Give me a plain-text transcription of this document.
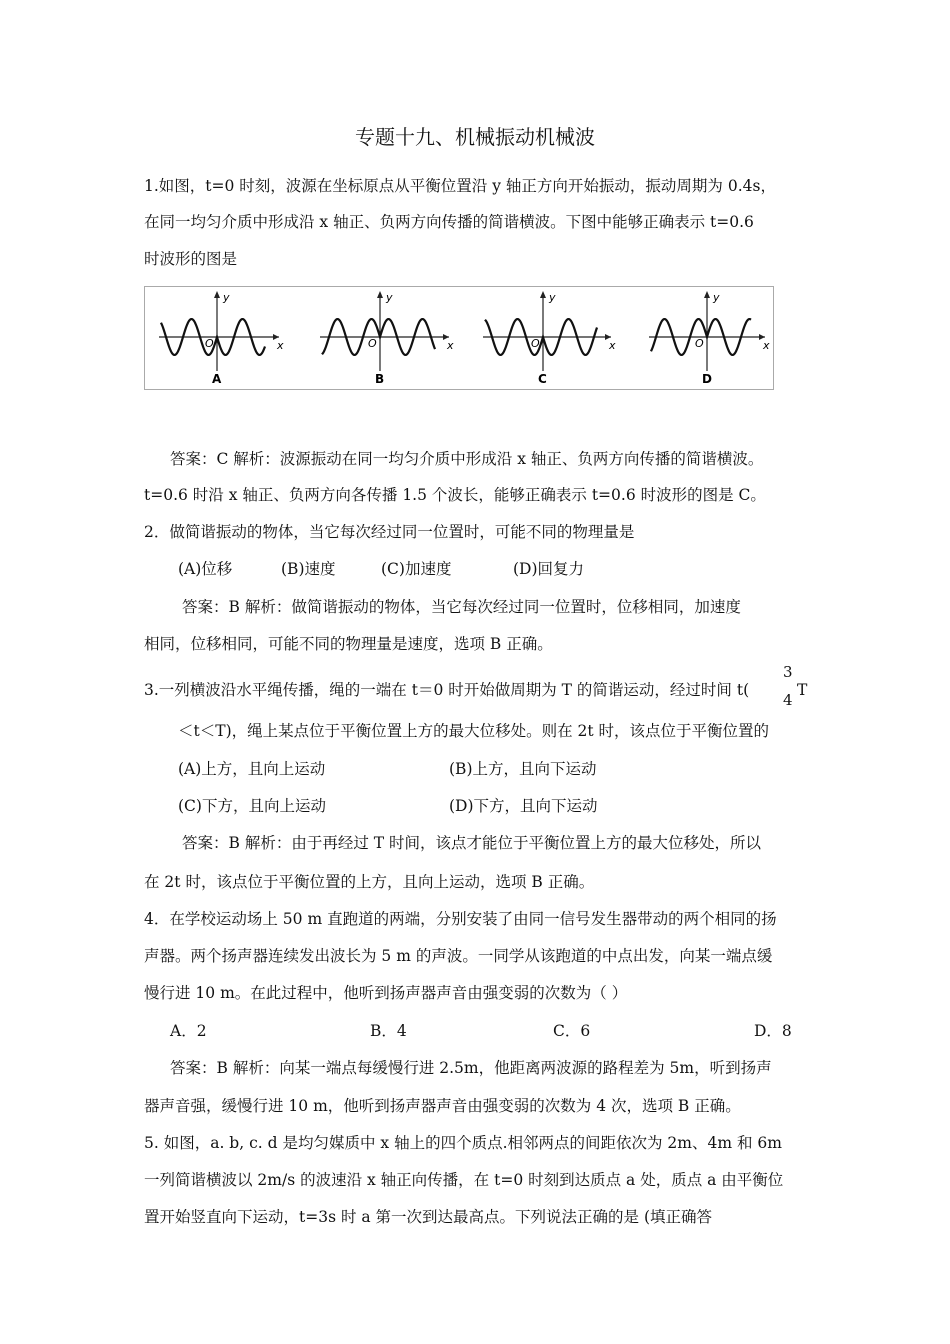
专题十九、机械振动机械波
1.如图，t=0 时刻，波源在坐标原点从平衡位置沿 y 轴正方向开始振动，振动周期为 0.4s，
在同一均匀介质中形成沿 x 轴正、负两方向传播的简谐横波。下图中能够正确表示 t=0.6
时波形的图是
y
x
O
A
y
x
O
B
y
x
O
C
y
x
O
D
答案：C 解析：波源振动在同一均匀介质中形成沿 x 轴正、负两方向传播的简谐横波。
t=0.6 时沿 x 轴正、负两方向各传播 1.5 个波长，能够正确表示 t=0.6 时波形的图是 C。
2．做简谐振动的物体，当它每次经过同一位置时，可能不同的物理量是
(A)位移	(B)速度	(C)加速度	(D)回复力
答案：B 解析：做简谐振动的物体，当它每次经过同一位置时，位移相同，加速度
相同，位移相同，可能不同的物理量是速度，选项 B 正确。
3.一列横波沿水平绳传播，绳的一端在 t＝0 时开始做周期为 T 的简谐运动，经过时间 t(
3
4
T
＜t＜T)，绳上某点位于平衡位置上方的最大位移处。则在 2t 时，该点位于平衡位置的
(A)上方，且向上运动	(B)上方，且向下运动
(C)下方，且向上运动	(D)下方，且向下运动
答案：B 解析：由于再经过 T 时间，该点才能位于平衡位置上方的最大位移处，所以
在 2t 时，该点位于平衡位置的上方，且向上运动，选项 B 正确。
4．在学校运动场上 50 m 直跑道的两端，分别安装了由同一信号发生器带动的两个相同的扬
声器。两个扬声器连续发出波长为 5 m 的声波。一同学从该跑道的中点出发，向某一端点缓
慢行进 10 m。在此过程中，他听到扬声器声音由强变弱的次数为（ ）
A．2	B．4	C．6	D．8
答案：B 解析：向某一端点每缓慢行进 2.5m，他距离两波源的路程差为 5m，听到扬声
器声音强，缓慢行进 10 m，他听到扬声器声音由强变弱的次数为 4 次，选项 B 正确。
5. 如图，a. b, c. d 是均匀媒质中 x 轴上的四个质点.相邻两点的间距依次为 2m、4m 和 6m
一列简谐横波以 2m/s 的波速沿 x 轴正向传播，在 t=0 时刻到达质点 a 处，质点 a 由平衡位
置开始竖直向下运动，t=3s 时 a 第一次到达最高点。下列说法正确的是 (填正确答
